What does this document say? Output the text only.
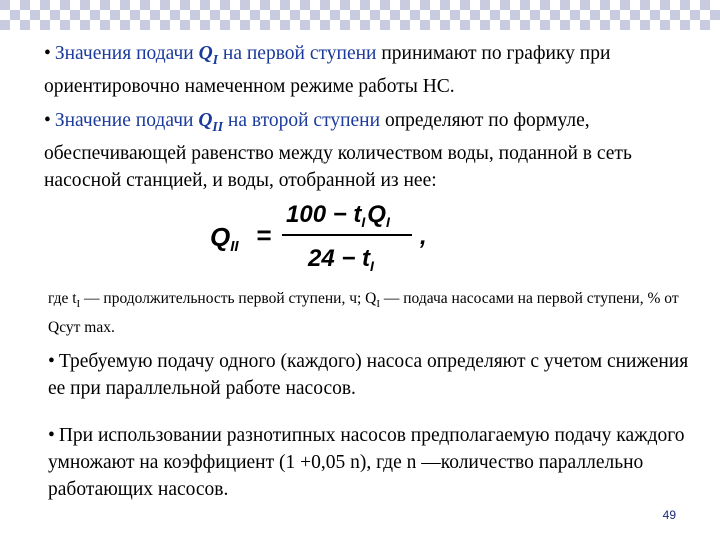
• Значения подачи $Q_I$ на первой ступени принимают по графику при ориентировочно намеченном режиме работы НС.
• Значение подачи $Q_{II}$ на второй ступени определяют по формуле, обеспечивающей равенство между количеством воды, поданной в сеть насосной станцией, и воды, отобранной из нее:
QII =
$100 - t_IQ_I$
$24 - t_I$
,
где $t_I$ — продолжительность первой ступени, ч; $Q_I$ — подача насосами на первой ступени, % от Qсут max.
• Требуемую подачу одного (каждого) насоса определяют с учетом снижения ее при параллельной работе насосов.
• При использовании разнотипных насосов предполагаемую подачу каждого умножают на коэффициент (1 +0,05 n), где n —количество параллельно работающих насосов.
49
